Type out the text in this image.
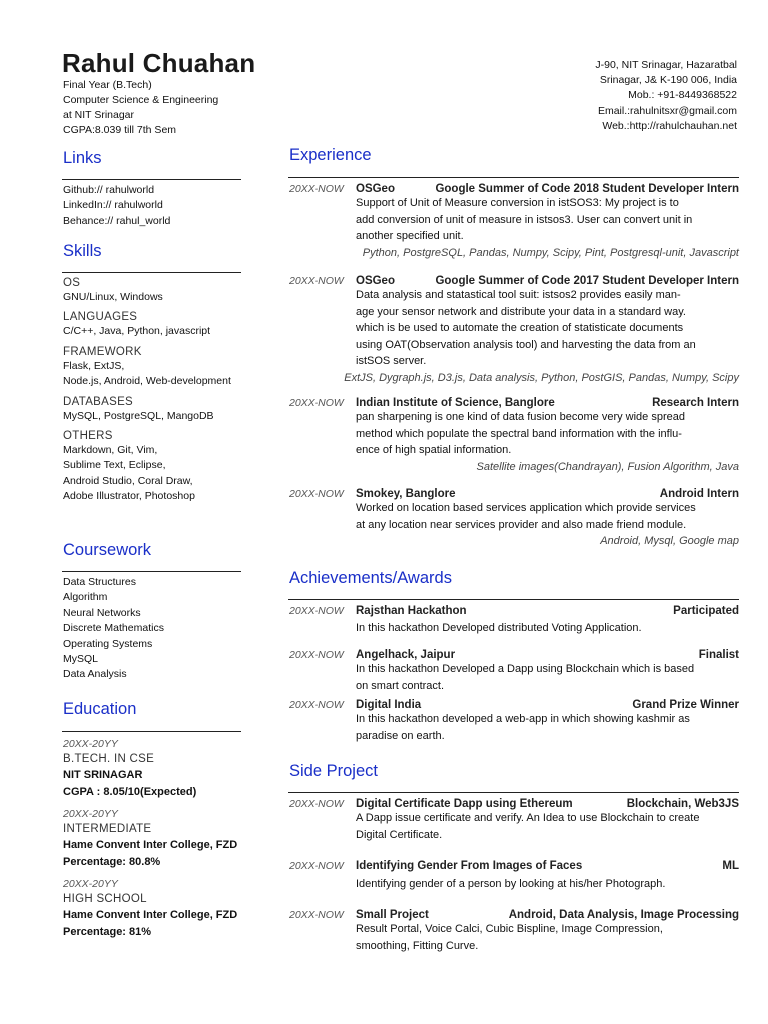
Rahul Chuahan
Final Year (B.Tech)
Computer Science & Engineering
at NIT Srinagar
CGPA:8.039 till 7th Sem
J-90, NIT Srinagar, Hazaratbal
Srinagar, J& K-190 006, India
Mob.: +91-8449368522
Email.:rahulnitsxr@gmail.com
Web.:http://rahulchauhan.net
Links
Github:// rahulworld
LinkedIn:// rahulworld
Behance:// rahul_world
Skills
OS
GNU/Linux, Windows
LANGUAGES
C/C++, Java, Python, javascript
FRAMEWORK
Flask, ExtJS,
Node.js, Android, Web-development
DATABASES
MySQL, PostgreSQL, MangoDB
OTHERS
Markdown, Git, Vim,
Sublime Text, Eclipse,
Android Studio, Coral Draw,
Adobe Illustrator, Photoshop
Coursework
Data Structures
Algorithm
Neural Networks
Discrete Mathematics
Operating Systems
MySQL
Data Analysis
Education
20XX-20YY
B.TECH. IN CSE
NIT SRINAGAR
CGPA : 8.05/10(Expected)
20XX-20YY
INTERMEDIATE
Hame Convent Inter College, FZD
Percentage: 80.8%
20XX-20YY
HIGH SCHOOL
Hame Convent Inter College, FZD
Percentage: 81%
Experience
20XX-NOW	OSGeo	Google Summer of Code 2018 Student Developer Intern
Support of Unit of Measure conversion in istSOS3: My project is to
add conversion of unit of measure in istsos3. User can convert unit in
another specified unit.
Python, PostgreSQL, Pandas, Numpy, Scipy, Pint, Postgresql-unit, Javascript
20XX-NOW	OSGeo	Google Summer of Code 2017 Student Developer Intern
Data analysis and statastical tool suit: istsos2 provides easily man-
age your sensor network and distribute your data in a standard way.
which is be used to automate the creation of statisticate documents
using OAT(Observation analysis tool) and harvesting the data from an
istSOS server.
ExtJS, Dygraph.js, D3.js, Data analysis, Python, PostGIS, Pandas, Numpy, Scipy
20XX-NOW	Indian Institute of Science, Banglore	Research Intern
pan sharpening is one kind of data fusion become very wide spread
method which populate the spectral band information with the influ-
ence of high spatial information.
Satellite images(Chandrayan), Fusion Algorithm, Java
20XX-NOW	Smokey, Banglore	Android Intern
Worked on location based services application which provide services
at any location near services provider and also made friend module.
Android, Mysql, Google map
Achievements/Awards
20XX-NOW	Rajsthan Hackathon	Participated
In this hackathon Developed distributed Voting Application.
20XX-NOW	Angelhack, Jaipur	Finalist
In this hackathon Developed a Dapp using Blockchain which is based
on smart contract.
20XX-NOW	Digital India	Grand Prize Winner
In this hackathon developed a web-app in which showing kashmir as
paradise on earth.
Side Project
20XX-NOW	Digital Certificate Dapp using Ethereum	Blockchain, Web3JS
A Dapp issue certificate and verify. An Idea to use Blockchain to create
Digital Certificate.
20XX-NOW	Identifying Gender From Images of Faces	ML
Identifying gender of a person by looking at his/her Photograph.
20XX-NOW	Small Project	Android, Data Analysis, Image Processing
Result Portal, Voice Calci, Cubic Bispline, Image Compression,
smoothing, Fitting Curve.
